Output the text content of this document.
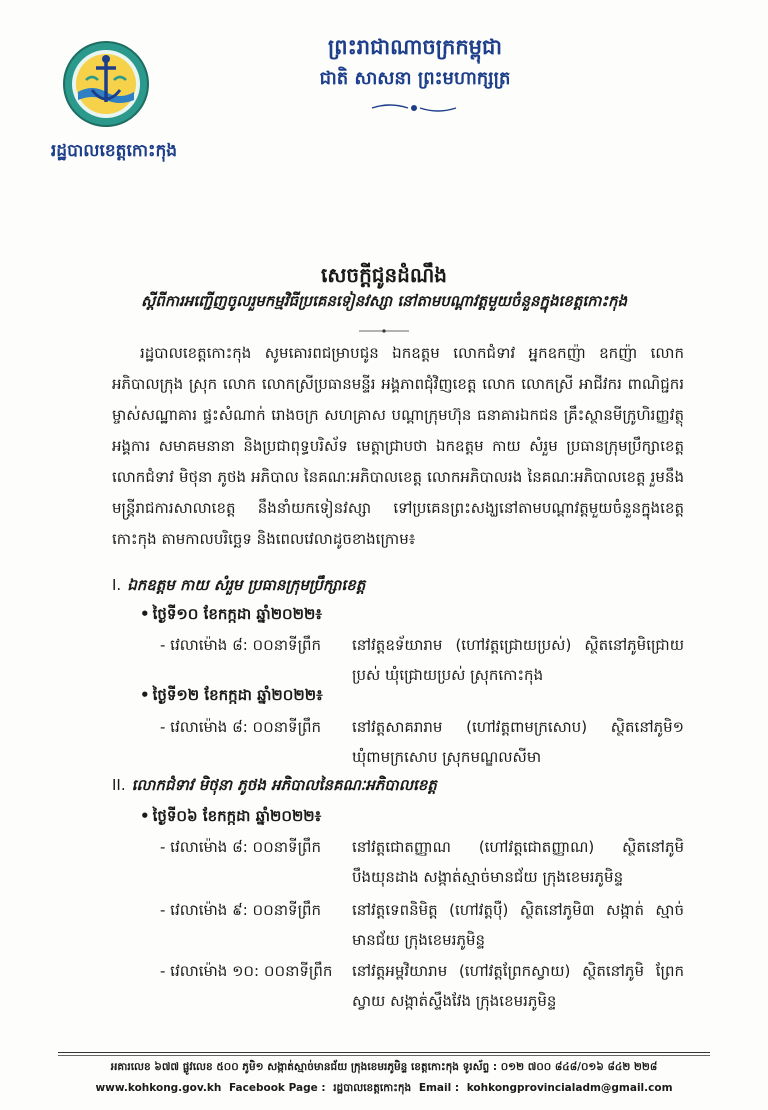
រដ្ឋបាលខេត្តកោះកុង
ព្រះរាជាណាចក្រកម្ពុជា
ជាតិ សាសនា ព្រះមហាក្សត្រ
សេចក្ដីជូនដំណឹង
ស្ដីពីការអញ្ជើញចូលរួមកម្មវិធីប្រគេនទៀនវស្សា នៅតាមបណ្ដាវត្តមួយចំនួនក្នុងខេត្តកោះកុង
រដ្ឋបាលខេត្តកោះកុង សូមគោរពជម្រាបជូន ឯកឧត្តម លោកជំទាវ អ្នកឧកញ៉ា ឧកញ៉ា លោក អភិបាលក្រុង ស្រុក លោក លោកស្រីប្រធានមន្ទីរ អង្គភាពជុំវិញខេត្ត លោក លោកស្រី អាជីវករ ពាណិជ្ជករ ម្ចាស់សណ្ឋាគារ ផ្ទះសំណាក់ រោងចក្រ សហគ្រាស បណ្ដាក្រុមហ៊ុន ធនាគារឯកជន គ្រឹះស្ថានមីក្រូហិរញ្ញវត្ថុ អង្គការ សមាគមនានា និងប្រជាពុទ្ធបរិស័ទ មេត្តាជ្រាបថា ឯកឧត្តម កាយ សំរួម ប្រធានក្រុមប្រឹក្សាខេត្ត លោកជំទាវ មិថុនា ភូថង អភិបាល នៃគណៈអភិបាលខេត្ត លោកអភិបាលរង នៃគណៈអភិបាលខេត្ត រួមនឹង មន្ត្រីរាជការសាលាខេត្ត នឹងនាំយកទៀនវស្សា ទៅប្រគេនព្រះសង្ឃនៅតាមបណ្ដាវត្តមួយចំនួនក្នុងខេត្តកោះកុង តាមកាលបរិច្ឆេទ និងពេលវេលាដូចខាងក្រោម៖
I. ឯកឧត្តម កាយ សំរួម ប្រធានក្រុមប្រឹក្សាខេត្ត
• ថ្ងៃទី១០ ខែកក្កដា ឆ្នាំ២០២២៖
- វេលាម៉ោង ៨: ០០នាទីព្រឹក	នៅវត្តឧទ័យារាម (ហៅវត្តជ្រោយប្រស់) ស្ថិតនៅភូមិជ្រោយប្រស់ ឃុំជ្រោយប្រស់ ស្រុកកោះកុង
• ថ្ងៃទី១២ ខែកក្កដា ឆ្នាំ២០២២៖
- វេលាម៉ោង ៨: ០០នាទីព្រឹក	នៅវត្តសាគរារាម (ហៅវត្តពាមក្រសោប) ស្ថិតនៅភូមិ១ ឃុំពាមក្រសោប ស្រុកមណ្ឌលសីមា
II. លោកជំទាវ មិថុនា ភូថង អភិបាលនៃគណៈអភិបាលខេត្ត
• ថ្ងៃទី០៦ ខែកក្កដា ឆ្នាំ២០២២៖
- វេលាម៉ោង ៨: ០០នាទីព្រឹក	នៅវត្តជោតញ្ញាណ (ហៅវត្តជោតញ្ញាណ) ស្ថិតនៅភូមិ បឹងយុនដាង សង្កាត់ស្មាច់មានជ័យ ក្រុងខេមរភូមិន្ទ
- វេលាម៉ោង ៩: ០០នាទីព្រឹក	នៅវត្តទេពនិមិត្ត (ហៅវត្តប៉ឺ) ស្ថិតនៅភូមិ៣ សង្កាត់ ស្មាច់មានជ័យ ក្រុងខេមរភូមិន្ទ
- វេលាម៉ោង ១០: ០០នាទីព្រឹក	នៅវត្តអម្ពវិយារាម (ហៅវត្តព្រែកស្វាយ) ស្ថិតនៅភូមិ ព្រែកស្វាយ សង្កាត់ស្ទឹងវែង ក្រុងខេមរភូមិន្ទ
អគារលេខ ៦៧៧ ផ្លូវលេខ ៥០០ ភូមិ១ សង្កាត់ស្មាច់មានជ័យ ក្រុងខេមរភូមិន្ទ ខេត្តកោះកុង ទូរស័ព្ទ : ០១២ ៧០០ ៨៤៨/០១៦ ៨៤២ ២២៨
www.kohkong.gov.kh Facebook Page : រដ្ឋបាលខេត្តកោះកុង Email : kohkongprovincialadm@gmail.com
